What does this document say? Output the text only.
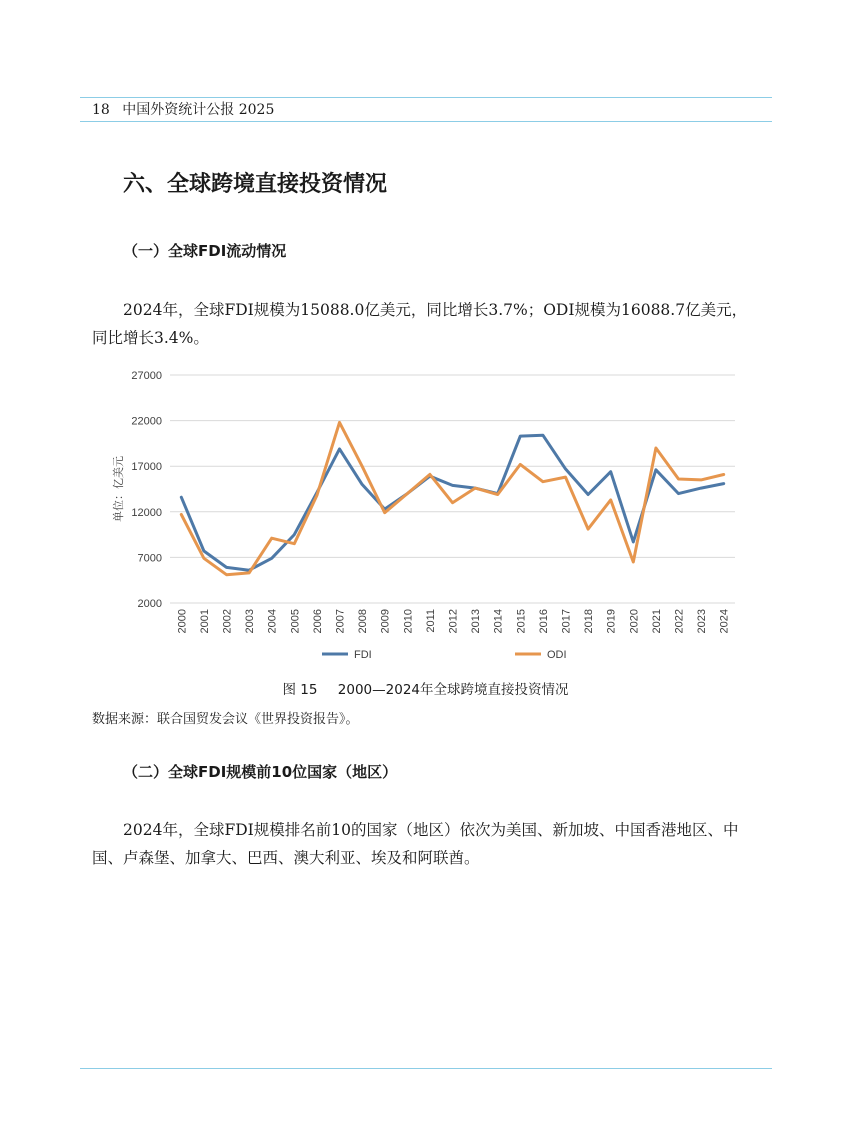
18 中国外资统计公报 2025
六、全球跨境直接投资情况
（一）全球FDI流动情况

2024年，全球FDI规模为15088.0亿美元，同比增长3.7%；ODI规模为16088.7亿美元，同比增长3.4%。

2000
7000
12000
17000
22000
27000
单位：亿美元
2000 2001 2002 2003 2004 2005 2006 2007 2008 2009 2010 2011 2012 2013 2014 2015 2016 2017 2018 2019 2020 2021 2022 2023 2024
FDI	ODI
图 15 2000—2024年全球跨境直接投资情况
数据来源：联合国贸发会议《世界投资报告》。
（二）全球FDI规模前10位国家（地区）

2024年，全球FDI规模排名前10的国家（地区）依次为美国、新加坡、中国香港地区、中国、卢森堡、加拿大、巴西、澳大利亚、埃及和阿联酋。
